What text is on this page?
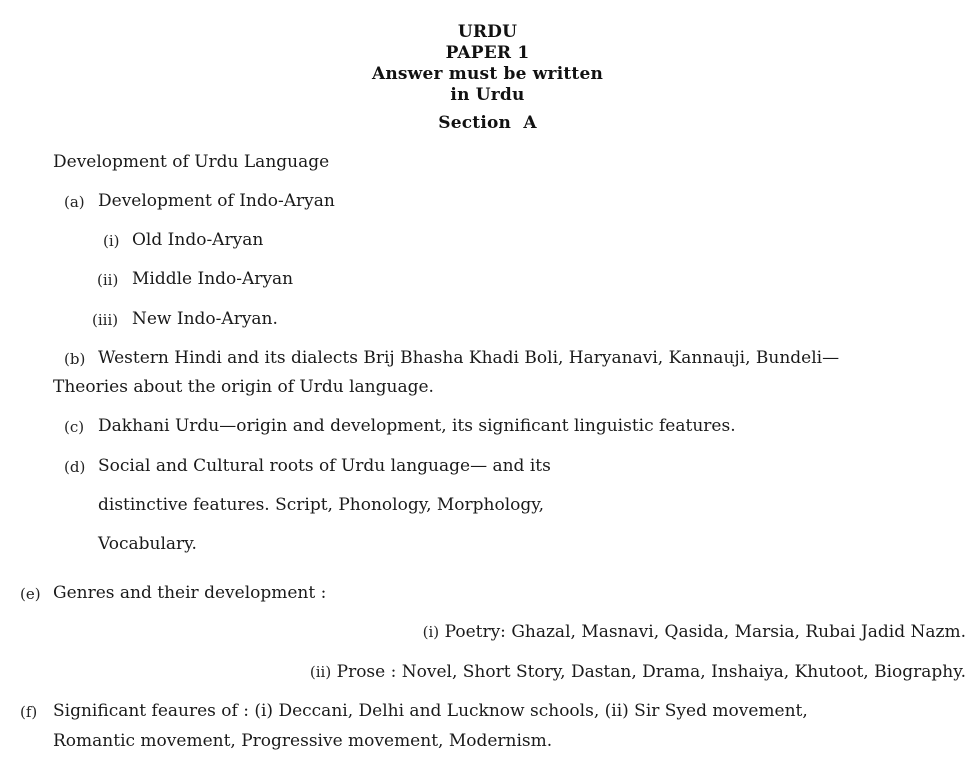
URDU
PAPER 1
Answer must be written
in Urdu
Section  A
Development of Urdu Language
(a) Development of Indo-Aryan
(i) Old Indo-Aryan
(ii) Middle Indo-Aryan
(iii) New Indo-Aryan.
(b) Western Hindi and its dialects Brij Bhasha Khadi Boli, Haryanavi, Kannauji, Bundeli—
Theories about the origin of Urdu language.
(c) Dakhani Urdu—origin and development, its significant linguistic features.
(d) Social and Cultural roots of Urdu language— and its
distinctive features. Script, Phonology, Morphology,
Vocabulary.
(e) Genres and their development :
(i) Poetry: Ghazal, Masnavi, Qasida, Marsia, Rubai Jadid Nazm.
(ii) Prose : Novel, Short Story, Dastan, Drama, Inshaiya, Khutoot, Biography.
(f) Significant feaures of : (i) Deccani, Delhi and Lucknow schools, (ii) Sir Syed movement,
Romantic movement, Progressive movement, Modernism.
